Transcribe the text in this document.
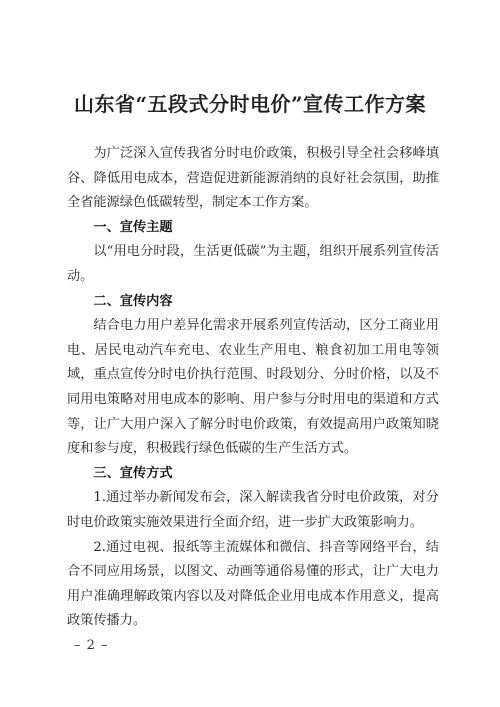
山东省“五段式分时电价”宣传工作方案

为广泛深入宣传我省分时电价政策，积极引导全社会移峰填谷、降低用电成本，营造促进新能源消纳的良好社会氛围，助推全省能源绿色低碳转型，制定本工作方案。

一、宣传主题

以“用电分时段，生活更低碳”为主题，组织开展系列宣传活动。

二、宣传内容

结合电力用户差异化需求开展系列宣传活动，区分工商业用电、居民电动汽车充电、农业生产用电、粮食初加工用电等领域，重点宣传分时电价执行范围、时段划分、分时价格，以及不同用电策略对用电成本的影响、用户参与分时用电的渠道和方式等，让广大用户深入了解分时电价政策，有效提高用户政策知晓度和参与度，积极践行绿色低碳的生产生活方式。

三、宣传方式

1.通过举办新闻发布会，深入解读我省分时电价政策，对分时电价政策实施效果进行全面介绍，进一步扩大政策影响力。

2.通过电视、报纸等主流媒体和微信、抖音等网络平台，结合不同应用场景，以图文、动画等通俗易懂的形式，让广大电力用户准确理解政策内容以及对降低企业用电成本作用意义，提高政策传播力。

– 2 –
